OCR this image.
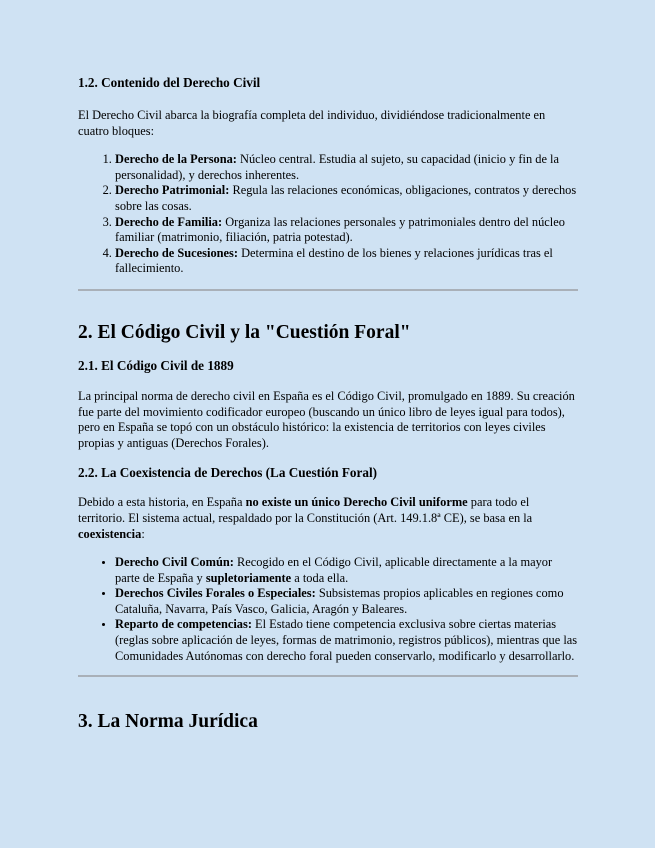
1.2. Contenido del Derecho Civil

El Derecho Civil abarca la biografía completa del individuo, dividiéndose tradicionalmente en cuatro bloques:

1. Derecho de la Persona: Núcleo central. Estudia al sujeto, su capacidad (inicio y fin de la personalidad), y derechos inherentes.
2. Derecho Patrimonial: Regula las relaciones económicas, obligaciones, contratos y derechos sobre las cosas.
3. Derecho de Familia: Organiza las relaciones personales y patrimoniales dentro del núcleo familiar (matrimonio, filiación, patria potestad).
4. Derecho de Sucesiones: Determina el destino de los bienes y relaciones jurídicas tras el fallecimiento.
2. El Código Civil y la "Cuestión Foral"
2.1. El Código Civil de 1889

La principal norma de derecho civil en España es el Código Civil, promulgado en 1889. Su creación fue parte del movimiento codificador europeo (buscando un único libro de leyes igual para todos), pero en España se topó con un obstáculo histórico: la existencia de territorios con leyes civiles propias y antiguas (Derechos Forales).

2.2. La Coexistencia de Derechos (La Cuestión Foral)

Debido a esta historia, en España no existe un único Derecho Civil uniforme para todo el territorio. El sistema actual, respaldado por la Constitución (Art. 149.1.8ª CE), se basa en la coexistencia:

• Derecho Civil Común: Recogido en el Código Civil, aplicable directamente a la mayor parte de España y supletoriamente a toda ella.
• Derechos Civiles Forales o Especiales: Subsistemas propios aplicables en regiones como Cataluña, Navarra, País Vasco, Galicia, Aragón y Baleares.
• Reparto de competencias: El Estado tiene competencia exclusiva sobre ciertas materias (reglas sobre aplicación de leyes, formas de matrimonio, registros públicos), mientras que las Comunidades Autónomas con derecho foral pueden conservarlo, modificarlo y desarrollarlo.
3. La Norma Jurídica
